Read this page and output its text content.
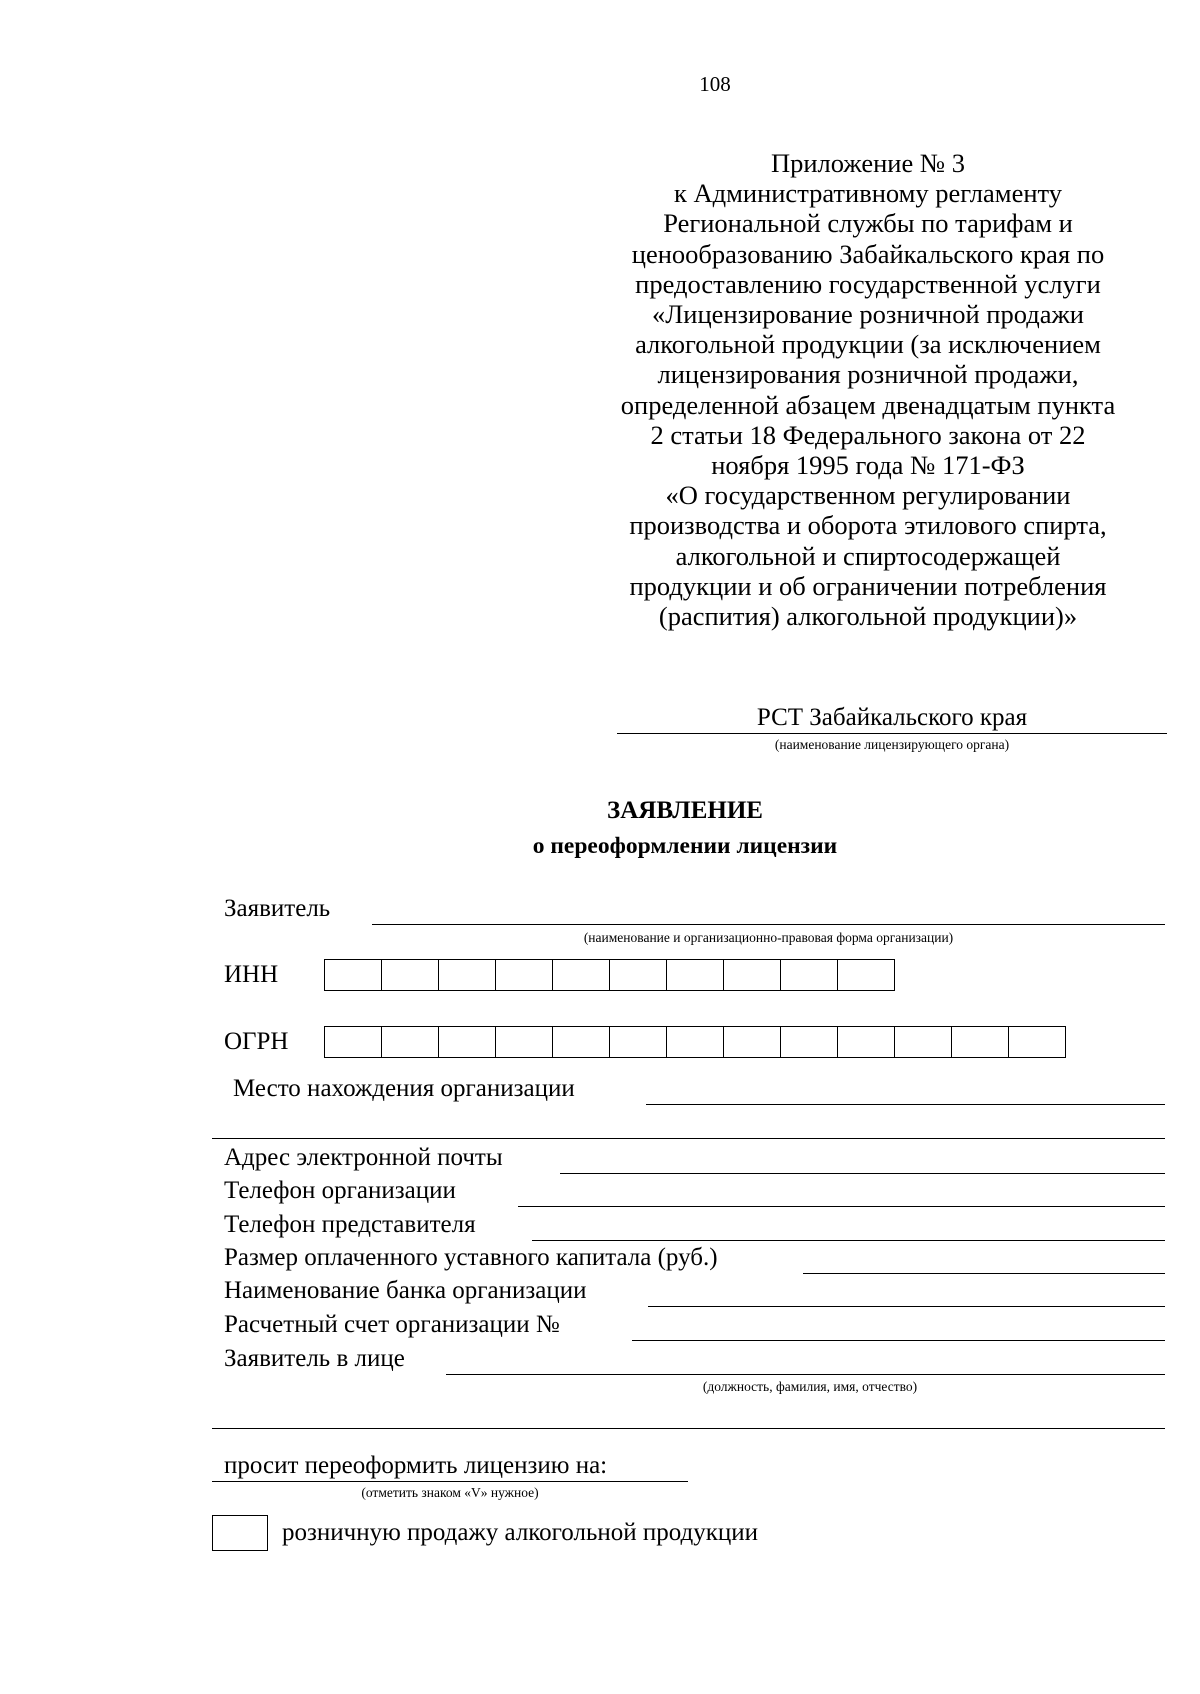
108
Приложение № 3
к Административному регламенту
Региональной службы по тарифам и
ценообразованию Забайкальского края по
предоставлению государственной услуги
«Лицензирование розничной продажи
алкогольной продукции (за исключением
лицензирования розничной продажи,
определенной абзацем двенадцатым пункта
2 статьи 18 Федерального закона от 22
ноября 1995 года № 171-ФЗ
«О государственном регулировании
производства и оборота этилового спирта,
алкогольной и спиртосодержащей
продукции и об ограничении потребления
(распития) алкогольной продукции)»
РСТ Забайкальского края
(наименование лицензирующего органа)
ЗАЯВЛЕНИЕ
о переоформлении лицензии
Заявитель
(наименование и организационно-правовая форма организации)
ИНН
ОГРН
Место нахождения организации
Адрес электронной почты
Телефон организации
Телефон представителя
Размер оплаченного уставного капитала (руб.)
Наименование банка организации
Расчетный счет организации №
Заявитель в лице
(должность, фамилия, имя, отчество)
просит переоформить лицензию на:
(отметить знаком «V» нужное)
розничную продажу алкогольной продукции
